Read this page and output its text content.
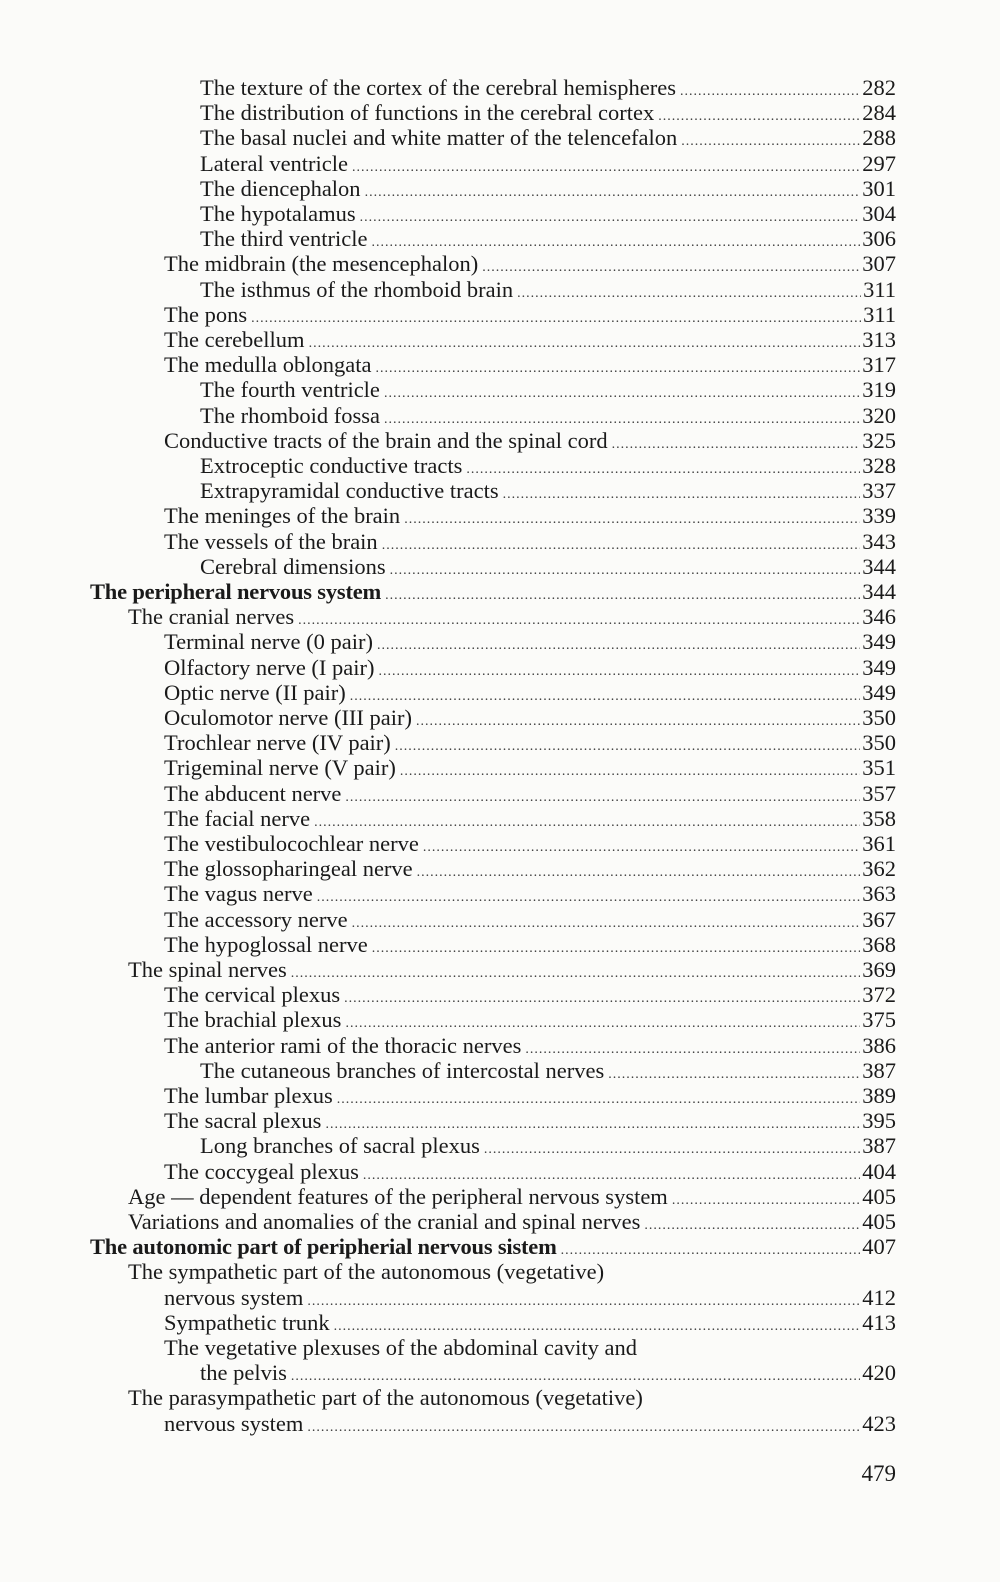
The texture of the cortex of the cerebral hemispheres .....	282
The distribution of functions in the cerebral cortex .....	284
The basal nuclei and white matter of the telencefalon .....	288
Lateral ventricle .....	297
The diencephalon .....	301
The hypotalamus .....	304
The third ventricle .....	306
The midbrain (the mesencephalon) .....	307
The isthmus of the rhomboid brain .....	311
The pons .....	311
The cerebellum .....	313
The medulla oblongata .....	317
The fourth ventricle .....	319
The rhomboid fossa .....	320
Conductive tracts of the brain and the spinal cord .....	325
Extroceptic conductive tracts .....	328
Extrapyramidal conductive tracts .....	337
The meninges of the brain .....	339
The vessels of the brain .....	343
Cerebral dimensions .....	344
The peripheral nervous system .....	344
The cranial nerves .....	346
Terminal nerve (0 pair) .....	349
Olfactory nerve (I pair) .....	349
Optic nerve (II pair) .....	349
Oculomotor nerve (III pair) .....	350
Trochlear nerve (IV pair) .....	350
Trigeminal nerve (V pair) .....	351
The abducent nerve .....	357
The facial nerve .....	358
The vestibulocochlear nerve .....	361
The glossopharingeal nerve .....	362
The vagus nerve .....	363
The accessory nerve .....	367
The hypoglossal nerve .....	368
The spinal nerves .....	369
The cervical plexus .....	372
The brachial plexus .....	375
The anterior rami of the thoracic nerves .....	386
The cutaneous branches of intercostal nerves .....	387
The lumbar plexus .....	389
The sacral plexus .....	395
Long branches of sacral plexus .....	387
The coccygeal plexus .....	404
Age — dependent features of the peripheral nervous system .....	405
Variations and anomalies of the cranial and spinal nerves .....	405
The autonomic part of peripherial nervous sistem .....	407
The sympathetic part of the autonomous (vegetative)
nervous system .....	412
Sympathetic trunk .....	413
The vegetative plexuses of the abdominal cavity and
the pelvis .....	420
The parasympathetic part of the autonomous (vegetative)
nervous system .....	423
479
